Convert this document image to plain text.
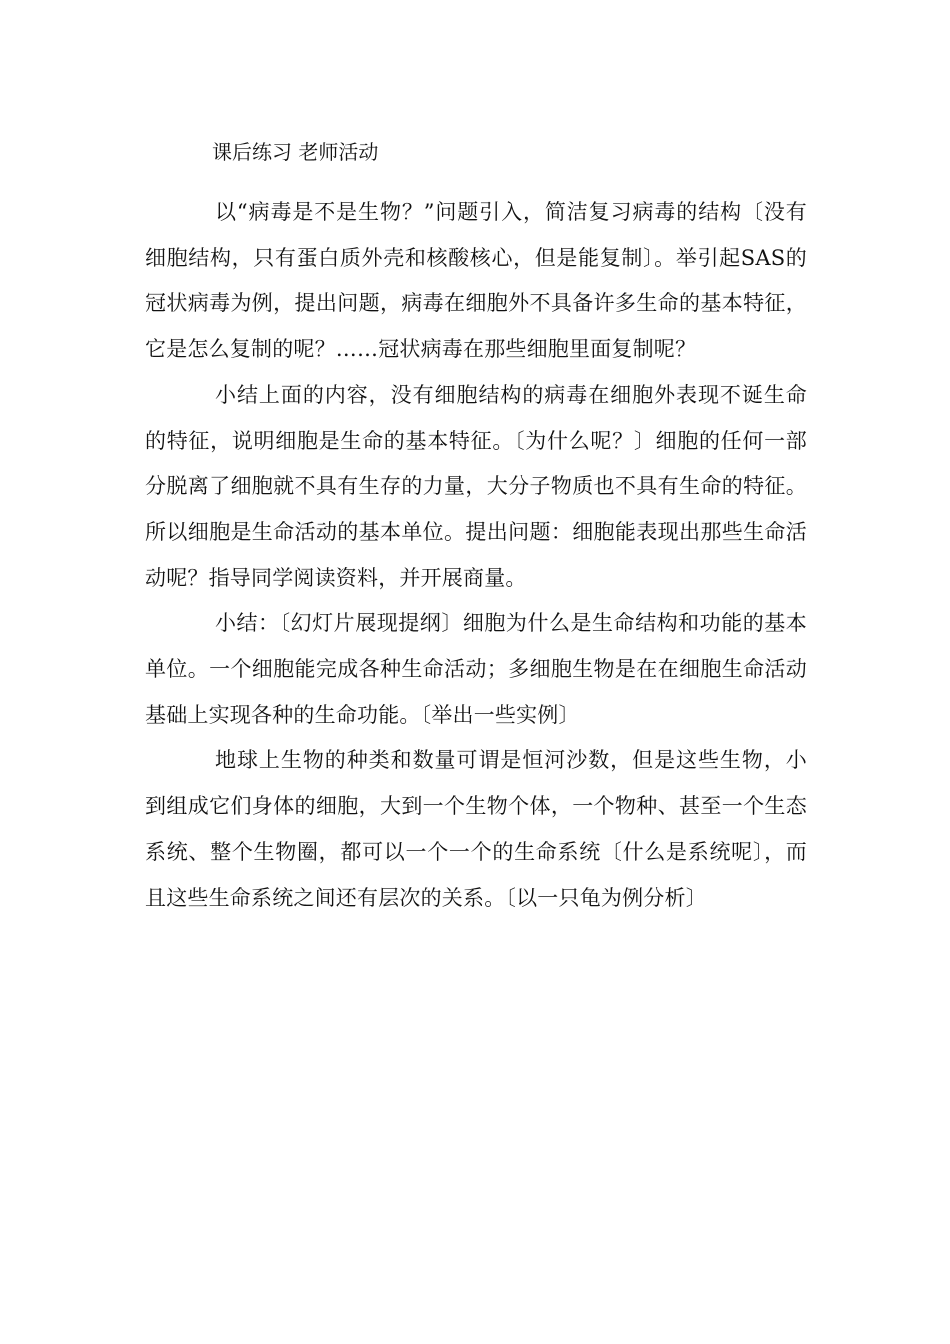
课后练习 老师活动

以“病毒是不是生物？”问题引入，简洁复习病毒的结构〔没有细胞结构，只有蛋白质外壳和核酸核心，但是能复制〕。举引起SAS的 冠状病毒为例，提出问题，病毒在细胞外不具备许多生命的基本特征，它是怎么复制的呢？……冠状病毒在那些细胞里面复制呢？

小结上面的内容，没有细胞结构的病毒在细胞外表现不诞生命的特征，说明细胞是生命的基本特征。〔为什么呢？〕细胞的任何一部分脱离了细胞就不具有生存的力量，大分子物质也不具有生命的特征。所以细胞是生命活动的基本单位。提出问题：细胞能表现出那些生命活动呢？指导同学阅读资料，并开展商量。

小结：〔幻灯片展现提纲〕细胞为什么是生命结构和功能的基本单位。一个细胞能完成各种生命活动；多细胞生物是在在细胞生命活动基础上实现各种的生命功能。〔举出一些实例〕

地球上生物的种类和数量可谓是恒河沙数，但是这些生物，小到组成它们身体的细胞，大到一个生物个体，一个物种、甚至一个生态系统、整个生物圈，都可以一个一个的生命系统〔什么是系统呢〕，而且这些生命系统之间还有层次的关系。〔以一只龟为例分析〕
